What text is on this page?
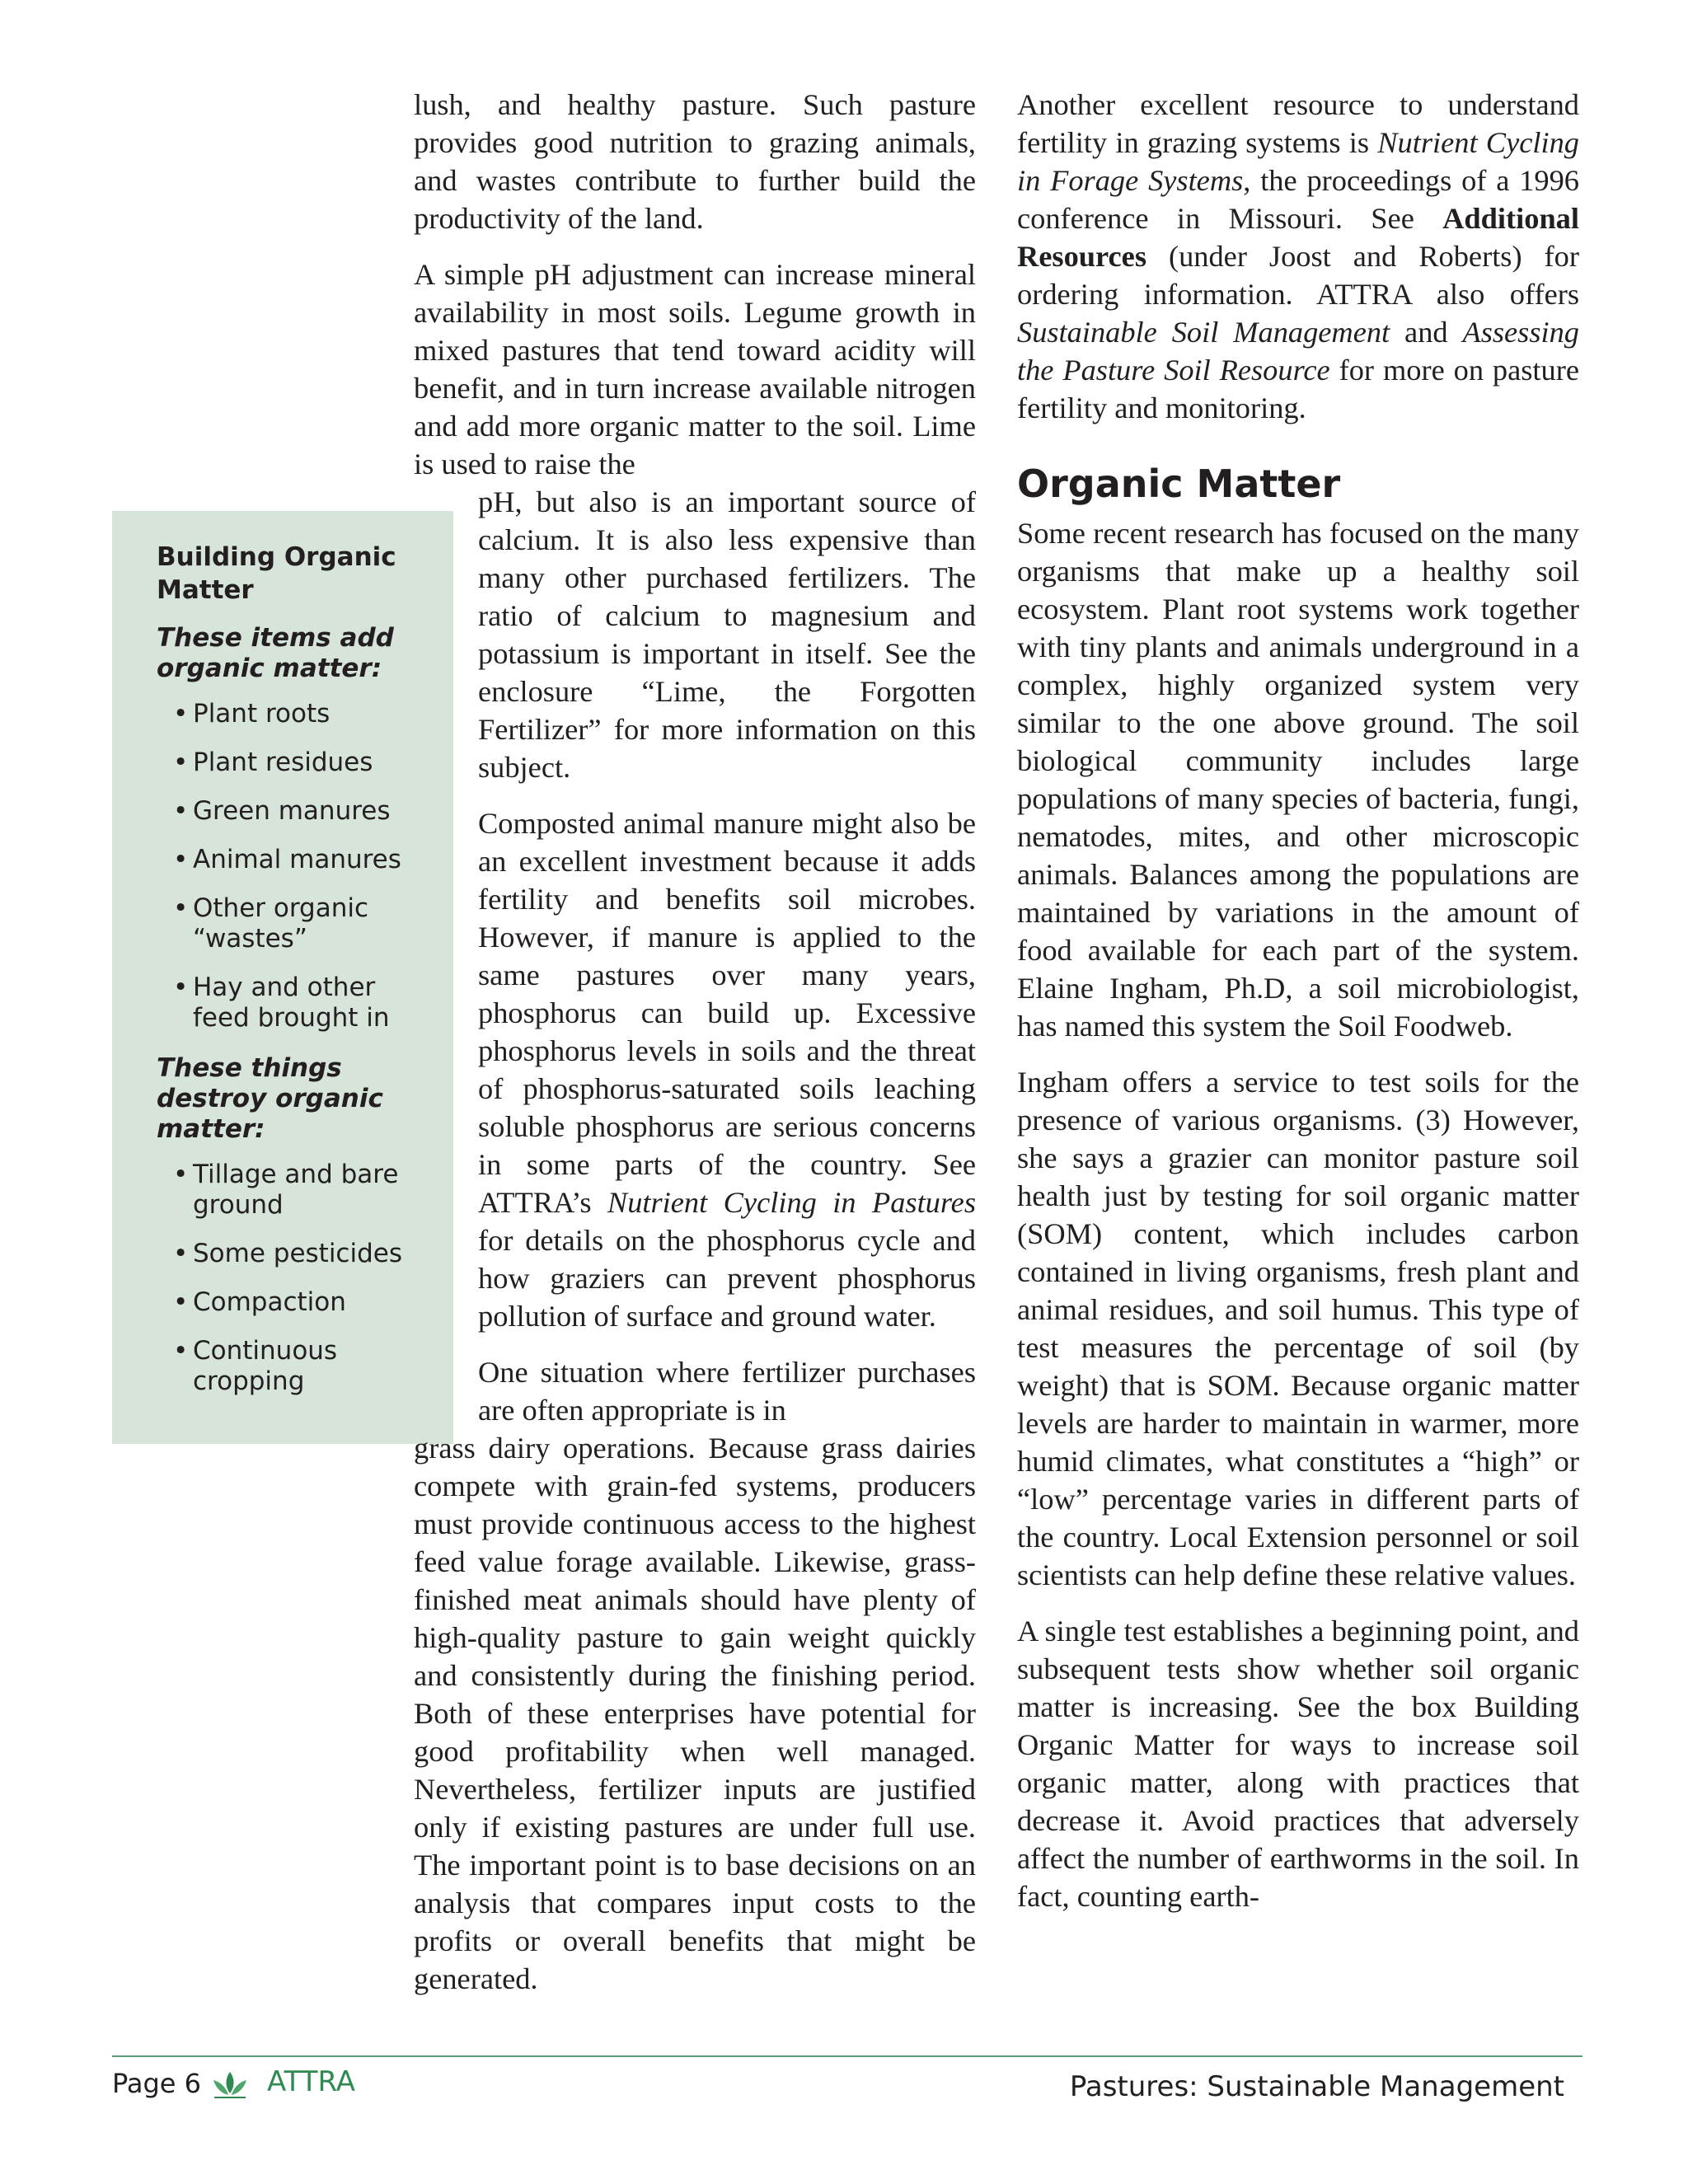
Building Organic Matter
These items add organic matter:
• Plant roots
• Plant residues
• Green manures
• Animal manures
• Other organic “wastes”
• Hay and other feed brought in
These things destroy organic matter:
• Tillage and bare ground
• Some pesticides
• Compaction
• Continuous cropping

lush, and healthy pasture. Such pasture provides good nutrition to grazing animals, and wastes contribute to further build the productivity of the land.

A simple pH adjustment can increase mineral availability in most soils. Legume growth in mixed pastures that tend toward acidity will benefit, and in turn increase available nitrogen and add more organic matter to the soil. Lime is used to raise the
pH, but also is an important source of calcium. It is also less expensive than many other purchased fertilizers. The ratio of calcium to magnesium and potassium is important in itself. See the enclosure “Lime, the Forgotten Fertilizer” for more information on this subject.

Composted animal manure might also be an excellent investment because it adds fertility and benefits soil microbes. However, if manure is applied to the same pastures over many years, phosphorus can build up. Excessive phosphorus levels in soils and the threat of phosphorus-saturated soils leaching soluble phosphorus are serious concerns in some parts of the country. See ATTRA’s Nutrient Cycling in Pastures for details on the phosphorus cycle and how graziers can prevent phosphorus pollution of surface and ground water.

One situation where fertilizer purchases are often appropriate is in
grass dairy operations. Because grass dairies compete with grain-fed systems, producers must provide continuous access to the highest feed value forage available. Likewise, grass-finished meat animals should have plenty of high-quality pasture to gain weight quickly and consistently during the finishing period. Both of these enterprises have potential for good profitability when well managed. Nevertheless, fertilizer inputs are justified only if existing pastures are under full use. The important point is to base decisions on an analysis that compares input costs to the profits or overall benefits that might be generated.

Another excellent resource to understand fertility in grazing systems is Nutrient Cycling in Forage Systems, the proceedings of a 1996 conference in Missouri. See Additional Resources (under Joost and Roberts) for ordering information. ATTRA also offers Sustainable Soil Management and Assessing the Pasture Soil Resource for more on pasture fertility and monitoring.

Organic Matter

Some recent research has focused on the many organisms that make up a healthy soil ecosystem. Plant root systems work together with tiny plants and animals underground in a complex, highly organized system very similar to the one above ground. The soil biological community includes large populations of many species of bacteria, fungi, nematodes, mites, and other microscopic animals. Balances among the populations are maintained by variations in the amount of food available for each part of the system. Elaine Ingham, Ph.D, a soil microbiologist, has named this system the Soil Foodweb.

Ingham offers a service to test soils for the presence of various organisms. (3) However, she says a grazier can monitor pasture soil health just by testing for soil organic matter (SOM) content, which includes carbon contained in living organisms, fresh plant and animal residues, and soil humus. This type of test measures the percentage of soil (by weight) that is SOM. Because organic matter levels are harder to maintain in warmer, more humid climates, what constitutes a “high” or “low” percentage varies in different parts of the country. Local Extension personnel or soil scientists can help define these relative values.

A single test establishes a beginning point, and subsequent tests show whether soil organic matter is increasing. See the box Building Organic Matter for ways to increase soil organic matter, along with practices that decrease it. Avoid practices that adversely affect the number of earthworms in the soil. In fact, counting earth-

Page 6 ATTRA	Pastures: Sustainable Management
